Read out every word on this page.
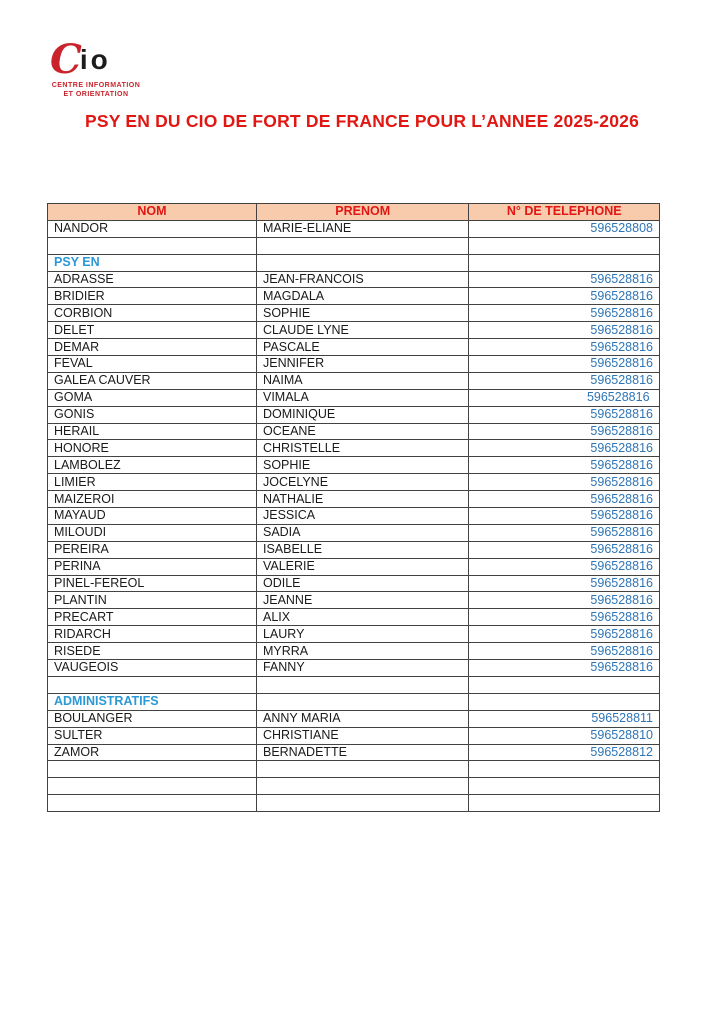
Cio
CENTRE INFORMATION
ET ORIENTATION
PSY EN DU CIO DE FORT DE FRANCE POUR L’ANNEE 2025-2026
NOM	PRENOM	N° DE TELEPHONE
NANDOR	MARIE-ELIANE	596528808

PSY EN		
ADRASSE	JEAN-FRANCOIS	596528816
BRIDIER	MAGDALA	596528816
CORBION	SOPHIE	596528816
DELET	CLAUDE LYNE	596528816
DEMAR	PASCALE	596528816
FEVAL	JENNIFER	596528816
GALEA CAUVER	NAIMA	596528816
GOMA	VIMALA	596528816
GONIS	DOMINIQUE	596528816
HERAIL	OCEANE	596528816
HONORE	CHRISTELLE	596528816
LAMBOLEZ	SOPHIE	596528816
LIMIER	JOCELYNE	596528816
MAIZEROI	NATHALIE	596528816
MAYAUD	JESSICA	596528816
MILOUDI	SADIA	596528816
PEREIRA	ISABELLE	596528816
PERINA	VALERIE	596528816
PINEL-FEREOL	ODILE	596528816
PLANTIN	JEANNE	596528816
PRECART	ALIX	596528816
RIDARCH	LAURY	596528816
RISEDE	MYRRA	596528816
VAUGEOIS	FANNY	596528816

ADMINISTRATIFS		
BOULANGER	ANNY MARIA	596528811
SULTER	CHRISTIANE	596528810
ZAMOR	BERNADETTE	596528812
